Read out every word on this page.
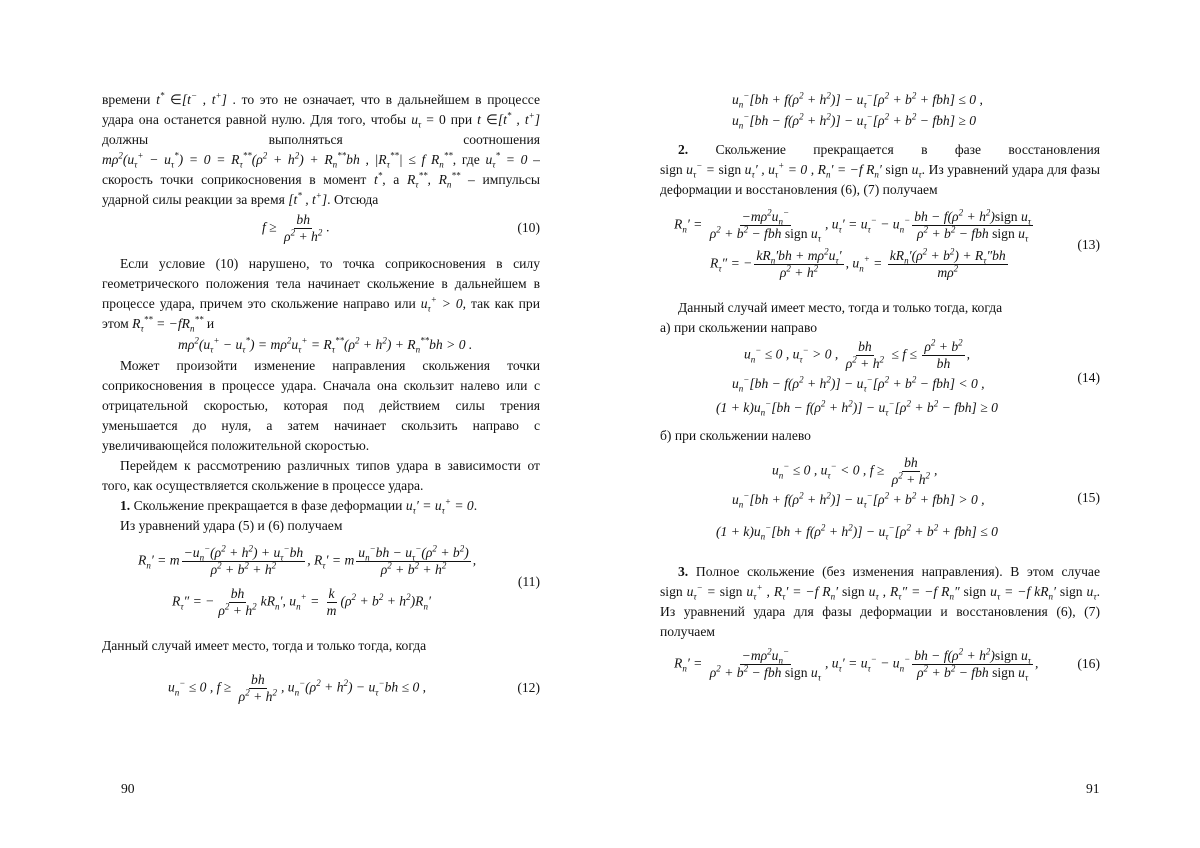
времени t* ∈[t− , t+] . то это не означает, что в дальнейшем в процессе удара она останется равной нулю. Для того, чтобы $u_\tau = 0$ при t ∈[t* , t+] должны выполняться соотношения $m\rho^2(u_\tau^+ - u_\tau^*) = 0 = R_\tau^{**}(\rho^2 + h^2) + R_n^{**}bh$ , $|R_\tau^{**}| \le f$ $R_n^{**}$, где $u_\tau^* = 0$ – скорость точки соприкосновения в момент t*, а $R_\tau^{**}$, $R_n^{**}$ – импульсы ударной силы реакции за время [t* , t+]. Отсюда

$f \ge \frac{bh}{\rho^2 + h^2}$ .	(10)

Если условие (10) нарушено, то точка соприкосновения в силу геометрического положения тела начинает скольжение в дальнейшем в процессе удара, причем это скольжение направо или $u_\tau^+ > 0$, так как при этом $R_\tau^{**} = -fR_n^{**}$ и

$m\rho^2(u_\tau^+ - u_\tau^*) = m\rho^2u_\tau^+ = R_\tau^{**}(\rho^2 + h^2) + R_n^{**}bh > 0$ .

Может произойти изменение направления скольжения точки соприкосновения в процессе удара. Сначала она скользит налево или с отрицательной скоростью, которая под действием силы трения уменьшается до нуля, а затем начинает скользить направо с увеличивающейся положительной скоростью.

Перейдем к рассмотрению различных типов удара в зависимости от того, как осуществляется скольжение в процессе удара.

1. Скольжение прекращается в фазе деформации $u_\tau' = u_\tau^+ = 0$.

Из уравнений удара (5) и (6) получаем

$R_n' = m \frac{-u_n^-(\rho^2 + h^2) + u_\tau^-bh}{\rho^2 + b^2 + h^2}$ , $R_\tau' = m \frac{u_n^-bh - u_\tau^-(\rho^2 + b^2)}{\rho^2 + b^2 + h^2}$ ,
$R_\tau''$ = − $\frac{bh}{\rho^2 + h^2} kR_n'$, $u_n^+ = \frac{k}{m} (\rho^2 + b^2 + h^2)R_n'$
(11)

Данный случай имеет место, тогда и только тогда, когда

$u_n^- \le 0$ , $f \ge \frac{bh}{\rho^2 + h^2}$ , $u_n^-(\rho^2 + h^2) - u_\tau^-bh \le 0$ ,	(12)
90
$u_n^-[bh + f(\rho^2 + h^2)] - u_\tau^-[\rho^2 + b^2 + fbh] \le 0$ ,
$u_n^-[bh - f(\rho^2 + h^2)] - u_\tau^-[\rho^2 + b^2 - fbh] \ge 0$

2. Скольжение прекращается в фазе восстановления sign $u_\tau^-$ = sign $u_\tau'$ , $u_\tau^+ = 0$ , $R_n' = -f$ $R_n'$ sign $u_\tau$. Из уравнений удара для фазы деформации и восстановления (6), (7) получаем

$R_n' = \frac{-m\rho^2u_n^-}{\rho^2 + b^2 - fbh sign u_\tau}$ , $u_\tau' = u_\tau^- - u_n^- \frac{bh - f(\rho^2 + h^2)sign u_\tau}{\rho^2 + b^2 - fbh sign u_\tau}$
$R_\tau''$ = − $\frac{kR_n'bh + m\rho^2u_\tau'}{\rho^2 + h^2}$ , $u_n^+ = \frac{kR_n'(\rho^2 + b^2) + R_\tau''bh}{m\rho^2}$
(13)

Данный случай имеет место, тогда и только тогда, когда

а) при скольжении направо

$u_n^- \le 0$ , $u_\tau^- > 0$ , $\frac{bh}{\rho^2 + h^2} \le f \le \frac{\rho^2 + b^2}{bh}$ ,
$u_n^-[bh - f(\rho^2 + h^2)] - u_\tau^-[\rho^2 + b^2 - fbh] < 0$ ,
$(1 + k)u_n^-[bh - f(\rho^2 + h^2)] - u_\tau^-[\rho^2 + b^2 - fbh] \ge 0$
(14)

б) при скольжении налево

$u_n^- \le 0$ , $u_\tau^- < 0$ , $f \ge \frac{bh}{\rho^2 + h^2}$ ,
$u_n^-[bh + f(\rho^2 + h^2)] - u_\tau^-[\rho^2 + b^2 + fbh] > 0$ ,
$(1 + k)u_n^-[bh + f(\rho^2 + h^2)] - u_\tau^-[\rho^2 + b^2 + fbh] \le 0$
(15)

3. Полное скольжение (без изменения направления). В этом случае sign $u_\tau^-$ = sign $u_\tau^+$ , $R_\tau' = -f$ $R_n'$ sign $u_\tau$ , $R_\tau'' = -f$ $R_n''$ sign $u_\tau = -f$ $kR_n'$ sign $u_\tau$. Из уравнений удара для фазы деформации и восстановления (6), (7) получаем

$R_n' = \frac{-m\rho^2u_n^-}{\rho^2 + b^2 - fbh sign u_\tau}$ , $u_\tau' = u_\tau^- - u_n^- \frac{bh - f(\rho^2 + h^2)sign u_\tau}{\rho^2 + b^2 - fbh sign u_\tau}$ ,	(16)
91
